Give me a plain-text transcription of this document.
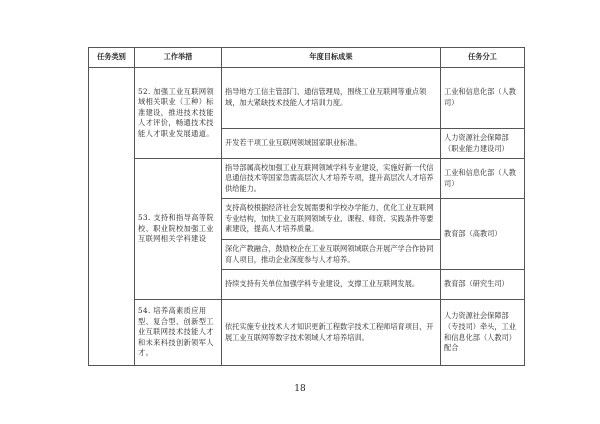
任务类别	工作举措	年度目标成果	任务分工
	52. 加强工业互联网领域相关职业（工种）标准建设，推进技术技能人才评价，畅通技术技能人才职业发展通道。	指导地方工信主管部门、通信管理局，围绕工业互联网等重点领域，加大紧缺技术技能人才培训力度。	工业和信息化部（人教司）
		开发若干项工业互联网领域国家职业标准。	人力资源社会保障部（职业能力建设司）
	53. 支持和指导高等院校、职业院校加强工业互联网相关学科建设	指导部属高校加强工业互联网领域学科专业建设，实施好新一代信息通信技术等国家急需高层次人才培养专项，提升高层次人才培养供给能力。	工业和信息化部（人教司）
		支持高校根据经济社会发展需要和学校办学能力，优化工业互联网专业结构，加快工业互联网领域专业、课程、师资、实践条件等要素建设，提高人才培养质量。	教育部（高教司）
		深化产教融合，鼓励校企在工业互联网领域联合开展产学合作协同育人项目，推动企业深度参与人才培养。	
		持续支持有关单位加强学科专业建设，支撑工业互联网发展。	教育部（研究生司）
	54. 培养高素质应用型、复合型、创新型工业互联网技术技能人才和未来科技创新领军人才。	依托实施专业技术人才知识更新工程数字技术工程师培育项目，开展工业互联网等数字技术领域人才培养培训。	人力资源社会保障部（专技司）牵头，工业和信息化部（人教司）配合
18
